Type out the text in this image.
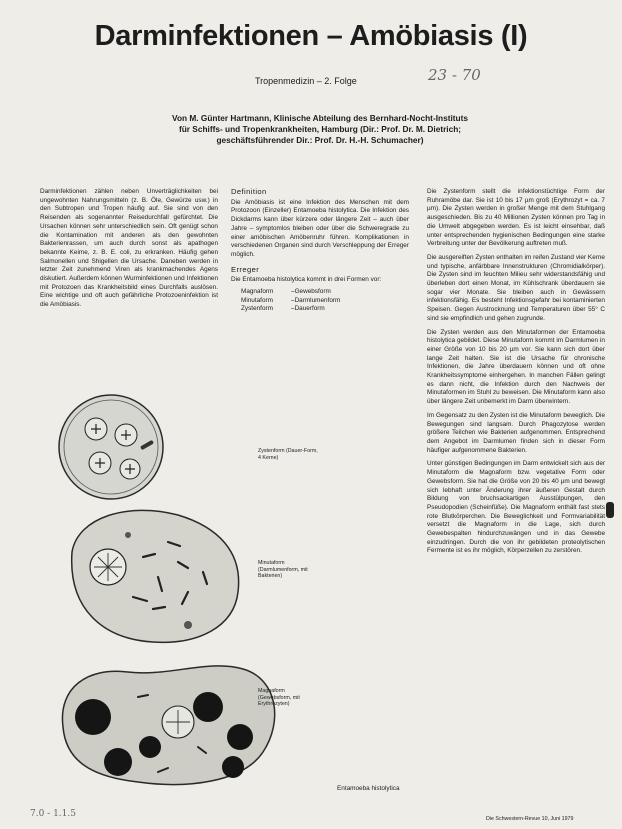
Darminfektionen – Amöbiasis (I)
Tropenmedizin – 2. Folge	23 - 70
Von M. Günter Hartmann, Klinische Abteilung des Bernhard-Nocht-Instituts
für Schiffs- und Tropenkrankheiten, Hamburg (Dir.: Prof. Dr. M. Dietrich;
geschäftsführender Dir.: Prof. Dr. H.-H. Schumacher)

Darminfektionen zählen neben Unverträglichkeiten bei ungewohnten Nahrungsmitteln (z. B. Öle, Gewürze usw.) in den Subtropen und Tropen häufig auf. Sie sind von den Reisenden als sogenannter Reisedurchfall gefürchtet. Die Ursachen können sehr unterschiedlich sein. Oft genügt schon die Kontamination mit anderen als den gewohnten Bakterienrassen, um auch durch sonst als apathogen bekannte Keime, z. B. E. coli, zu erkranken. Häufig gehen Salmonellen und Shigellen die Ursache. Daneben werden in letzter Zeit zunehmend Viren als krankmachendes Agens diskutiert. Außerdem können Wurminfektionen und Infektionen mit Protozoen das Krankheitsbild eines Durchfalls auslösen. Eine wichtige und oft auch gefährliche Protozoeninfektion ist die Amöbiasis.

Definition

Die Amöbiasis ist eine Infektion des Menschen mit dem Protozoon (Einzeller) Entamoeba histolytica. Die Infektion des Dickdarms kann über kürzere oder längere Zeit – auch über Jahre – symptomlos bleiben oder über die Schweregrade zu einer amöbischen Amöbenruhr führen. Komplikationen in verschiedenen Organen sind durch Verschleppung der Erreger möglich.

Erreger

Die Entamoeba histolytica kommt in drei Formen vor:

Magnaform	– Gewebsform
Minutaform	– Darmlumenform
Zystenform	– Dauerform

Die Zystenform stellt die infektionstüchtige Form der Ruhramöbe dar. Sie ist 10 bis 17 µm groß (Erythrozyt = ca. 7 µm). Die Zysten werden in großer Menge mit dem Stuhlgang ausgeschieden. Bis zu 40 Millionen Zysten können pro Tag in die Umwelt abgegeben werden. Es ist leicht einsehbar, daß unter entsprechenden hygienischen Bedingungen eine starke Verbreitung unter der Bevölkerung auftreten muß.

Die ausgereiften Zysten enthalten im reifen Zustand vier Kerne und typische, anfärbbare Innenstrukturen (Chromidialkörper). Die Zysten sind im feuchten Milieu sehr widerstandsfähig und überleben dort einen Monat, im Kühlschrank überdauern sie sogar vier Monate. Sie bleiben auch in Gewässern infektionsfähig. Es besteht Infektionsgefahr bei kontaminierten Speisen. Gegen Austrocknung und Temperaturen über 55° C sind sie empfindlich und gehen zugrunde.

Die Zysten werden aus den Minutaformen der Entamoeba histolytica gebildet. Diese Minutaform kommt im Darmlumen in einer Größe von 10 bis 20 µm vor. Sie kann sich dort über lange Zeit halten. Sie ist die Ursache für chronische Infektionen, die Jahre überdauern können und oft ohne Krankheitssymptome einhergehen. In manchen Fällen gelingt es dann nicht, die Infektion durch den Nachweis der Minutaformen im Stuhl zu beweisen. Die Minutaform kann also über längere Zeit unbemerkt im Darm überwintern.

Im Gegensatz zu den Zysten ist die Minutaform beweglich. Die Bewegungen sind langsam. Durch Phagozytose werden größere Teilchen wie Bakterien aufgenommen. Entsprechend dem Angebot im Darmlumen finden sich in dieser Form häufiger aufgenommene Bakterien.

Unter günstigen Bedingungen im Darm entwickelt sich aus der Minutaform die Magnaform bzw. vegetative Form oder Gewebsform. Sie hat die Größe von 20 bis 40 µm und bewegt sich lebhaft unter Änderung ihrer äußeren Gestalt durch Bildung von bruchsackartigen Ausstülpungen, den Pseudopodien (Scheinfüße). Die Magnaform enthält fast stets rote Blutkörperchen. Die Beweglichkeit und Formvariabilität versetzt die Magnaform in die Lage, sich durch Gewebespalten hindurchzuwängen und in das Gewebe einzudringen. Durch die von ihr gebildeten proteolytischen Fermente ist es ihr möglich, Körperzellen zu zerstören.

Zystenform (Dauer-Form, 4 Kerne)
Minutaform (Darmlumenform, mit Bakterien)
Magnaform (Gewebsform, mit Erythrozyten)
Entamoeba histolytica
7.0 - 1.1.5	Die Schwestern-Revue 10, Juni 1979
